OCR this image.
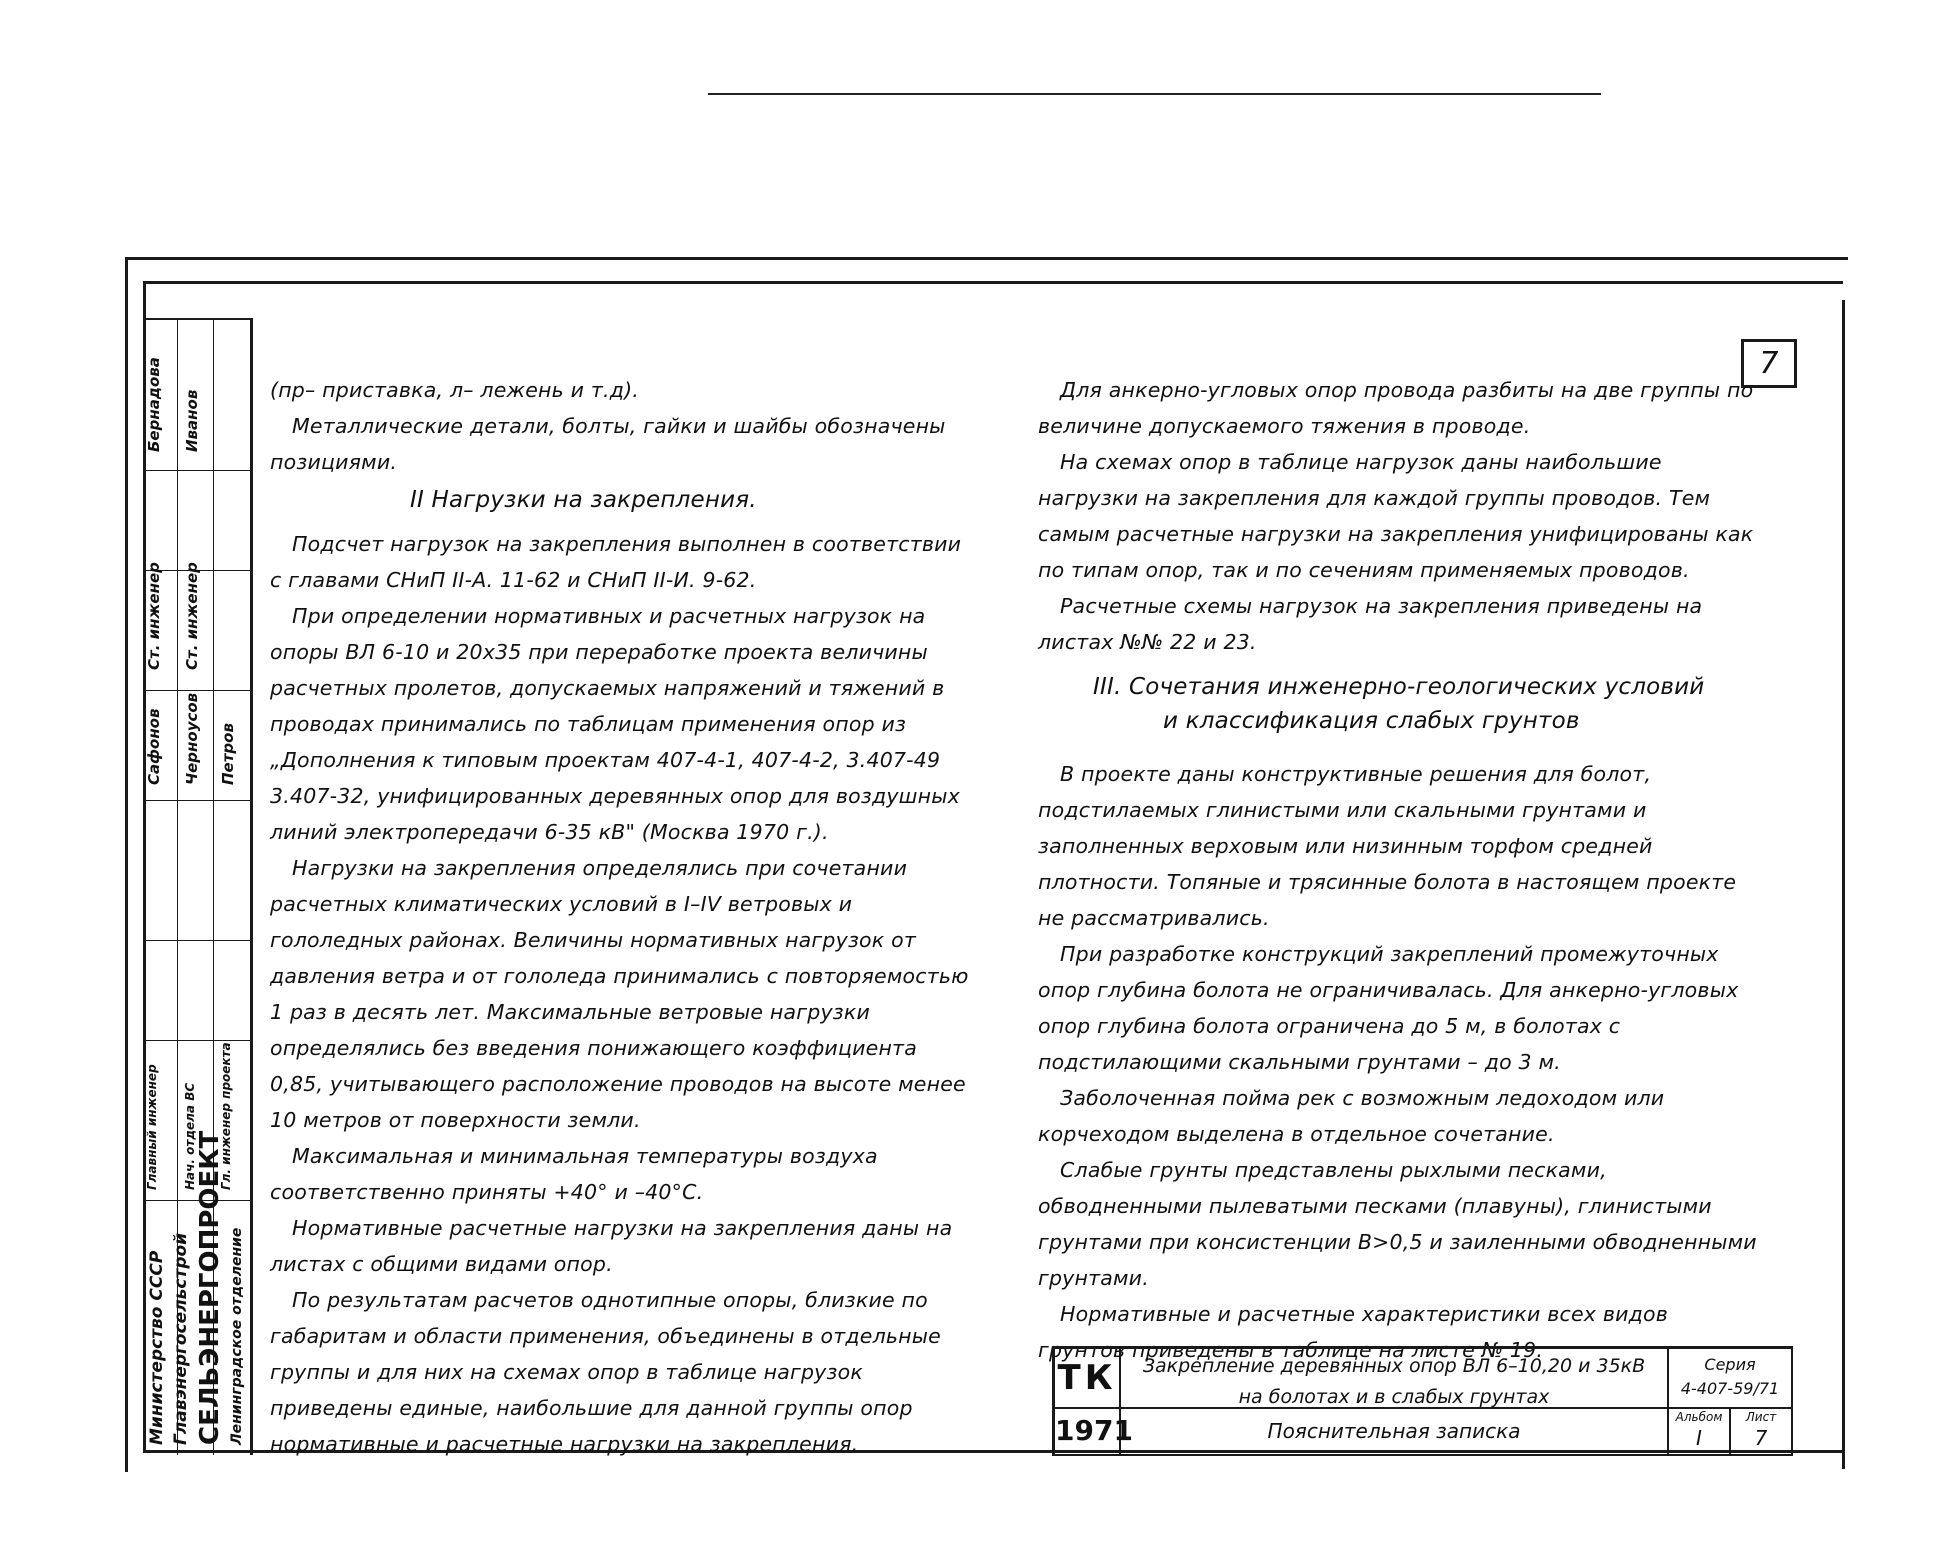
Бернадова Иванов
Ст. инженер Ст. инженер
Сафонов Черноусов Петров
Главный инженер Нач. отдела ВС Гл. инженер проекта
Министерство СССР Главэнергосельстрой СЕЛЬЭНЕРГОПРОЕКТ Ленинградское отделение
7

(пр– приставка, л– лежень и т.д).

Металлические детали, болты, гайки и шайбы обозначены позициями.

II Нагрузки на закрепления.

Подсчет нагрузок на закрепления выполнен в соответствии с главами СНиП II-А. 11-62 и СНиП II-И. 9-62.

При определении нормативных и расчетных нагрузок на опоры ВЛ 6-10 и 20х35 при переработке проекта величины расчетных пролетов, допускаемых напряжений и тяжений в проводах принимались по таблицам применения опор из „Дополнения к типовым проектам 407-4-1, 407-4-2, 3.407-49 3.407-32, унифицированных деревянных опор для воздушных линий электропередачи 6-35 кВ" (Москва 1970 г.).

Нагрузки на закрепления определялись при сочетании расчетных климатических условий в I–IV ветровых и гололедных районах. Величины нормативных нагрузок от давления ветра и от гололеда принимались с повторяемостью 1 раз в десять лет. Максимальные ветровые нагрузки определялись без введения понижающего коэффициента 0,85, учитывающего расположение проводов на высоте менее 10 метров от поверхности земли.

Максимальная и минимальная температуры воздуха соответственно приняты +40° и –40°С.

Нормативные расчетные нагрузки на закрепления даны на листах с общими видами опор.

По результатам расчетов однотипные опоры, близкие по габаритам и области применения, объединены в отдельные группы и для них на схемах опор в таблице нагрузок приведены единые, наибольшие для данной группы опор нормативные и расчетные нагрузки на закрепления.

Для анкерно-угловых опор провода разбиты на две группы по величине допускаемого тяжения в проводе.

На схемах опор в таблице нагрузок даны наибольшие нагрузки на закрепления для каждой группы проводов. Тем самым расчетные нагрузки на закрепления унифицированы как по типам опор, так и по сечениям применяемых проводов.

Расчетные схемы нагрузок на закрепления приведены на листах №№ 22 и 23.

III. Сочетания инженерно-геологических условий
и классификация слабых грунтов

В проекте даны конструктивные решения для болот, подстилаемых глинистыми или скальными грунтами и заполненных верховым или низинным торфом средней плотности. Топяные и трясинные болота в настоящем проекте не рассматривались.

При разработке конструкций закреплений промежуточных опор глубина болота не ограничивалась. Для анкерно-угловых опор глубина болота ограничена до 5 м, в болотах с подстилающими скальными грунтами – до 3 м.

Заболоченная пойма рек с возможным ледоходом или корчеходом выделена в отдельное сочетание.

Слабые грунты представлены рыхлыми песками, обводненными пылеватыми песками (плавуны), глинистыми грунтами при консистенции В>0,5 и заиленными обводненными грунтами.

Нормативные и расчетные характеристики всех видов грунтов приведены в таблице на листе № 19.

ТК	Закрепление деревянных опор ВЛ 6–10,20 и 35кВ
на болотах и в слабых грунтах
Серия
4-407-59/71
1971	Пояснительная записка
Альбом
I
Лист
7
